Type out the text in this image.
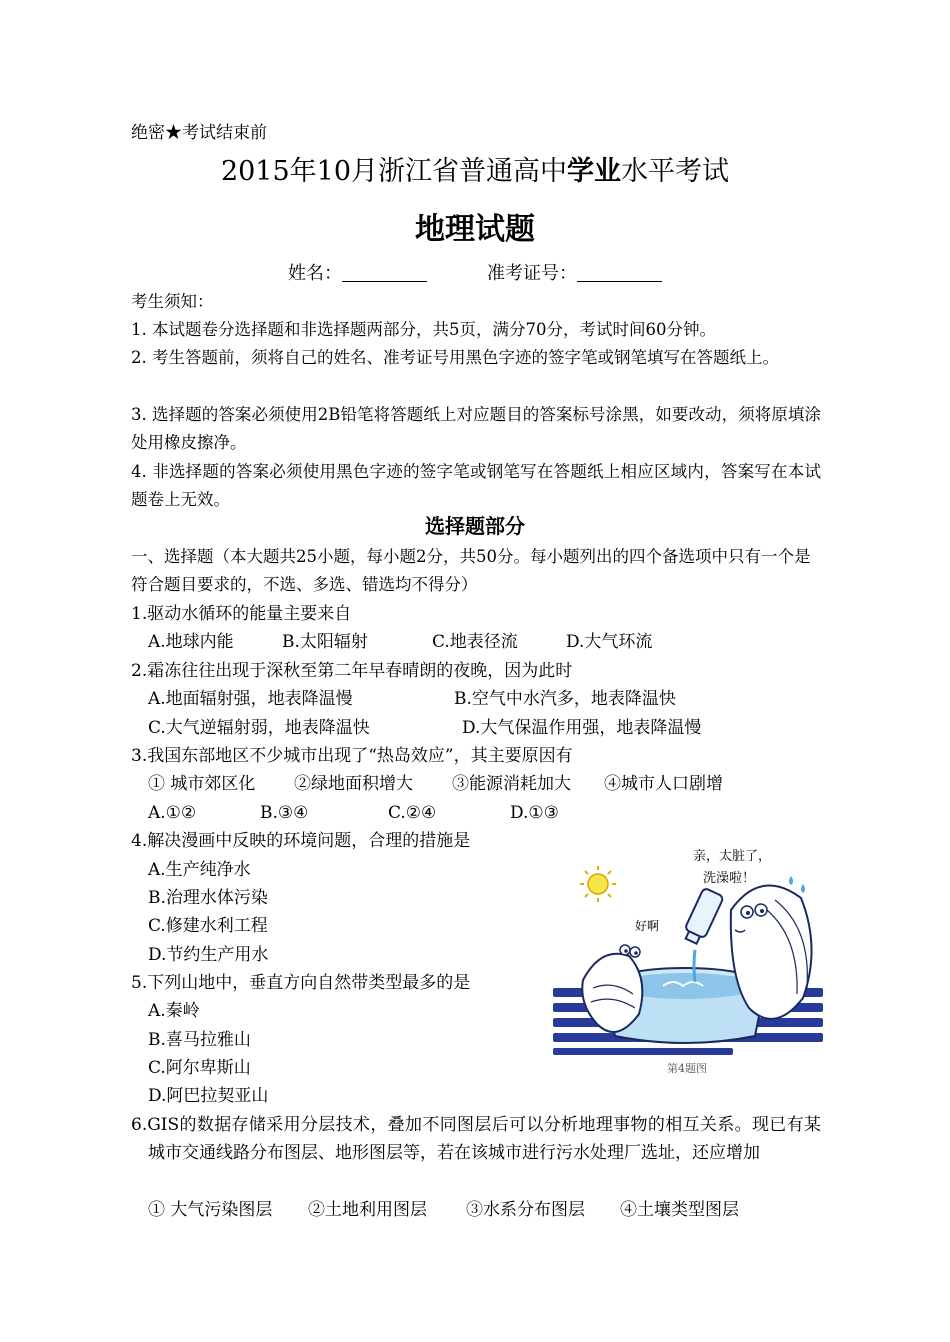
绝密★考试结束前
2015年10月浙江省普通高中学业水平考试
地理试题
姓名：	准考证号：
考生须知：
1. 本试题卷分选择题和非选择题两部分，共5页，满分70分，考试时间60分钟。
2. 考生答题前，须将自己的姓名、准考证号用黑色字迹的签字笔或钢笔填写在答题纸上。
3. 选择题的答案必须使用2B铅笔将答题纸上对应题目的答案标号涂黑，如要改动，须将原填涂处用橡皮擦净。
4. 非选择题的答案必须使用黑色字迹的签字笔或钢笔写在答题纸上相应区域内，答案写在本试题卷上无效。
选择题部分
一、选择题（本大题共25小题，每小题2分，共50分。每小题列出的四个备选项中只有一个是符合题目要求的，不选、多选、错选均不得分）
1.驱动水循环的能量主要来自
A.地球内能	B.太阳辐射	C.地表径流	D.大气环流
2.霜冻往往出现于深秋至第二年早春晴朗的夜晚，因为此时
A.地面辐射强，地表降温慢	B.空气中水汽多，地表降温快
C.大气逆辐射弱，地表降温快	D.大气保温作用强，地表降温慢
3.我国东部地区不少城市出现了“热岛效应”，其主要原因有
① 城市郊区化 ②绿地面积增大 ③能源消耗加大 ④城市人口剧增
A.①②	B.③④	C.②④	D.①③
4.解决漫画中反映的环境问题，合理的措施是
A.生产纯净水
B.治理水体污染
C.修建水利工程
D.节约生产用水
5.下列山地中，垂直方向自然带类型最多的是
A.秦岭
B.喜马拉雅山
C.阿尔卑斯山
D.阿巴拉契亚山
6.GIS的数据存储采用分层技术，叠加不同图层后可以分析地理事物的相互关系。现已有某城市交通线路分布图层、地形图层等，若在该城市进行污水处理厂选址，还应增加
① 大气污染图层 ②土地利用图层 ③水系分布图层 ④土壤类型图层
亲，太脏了，
洗澡啦！
好啊
第4题图
